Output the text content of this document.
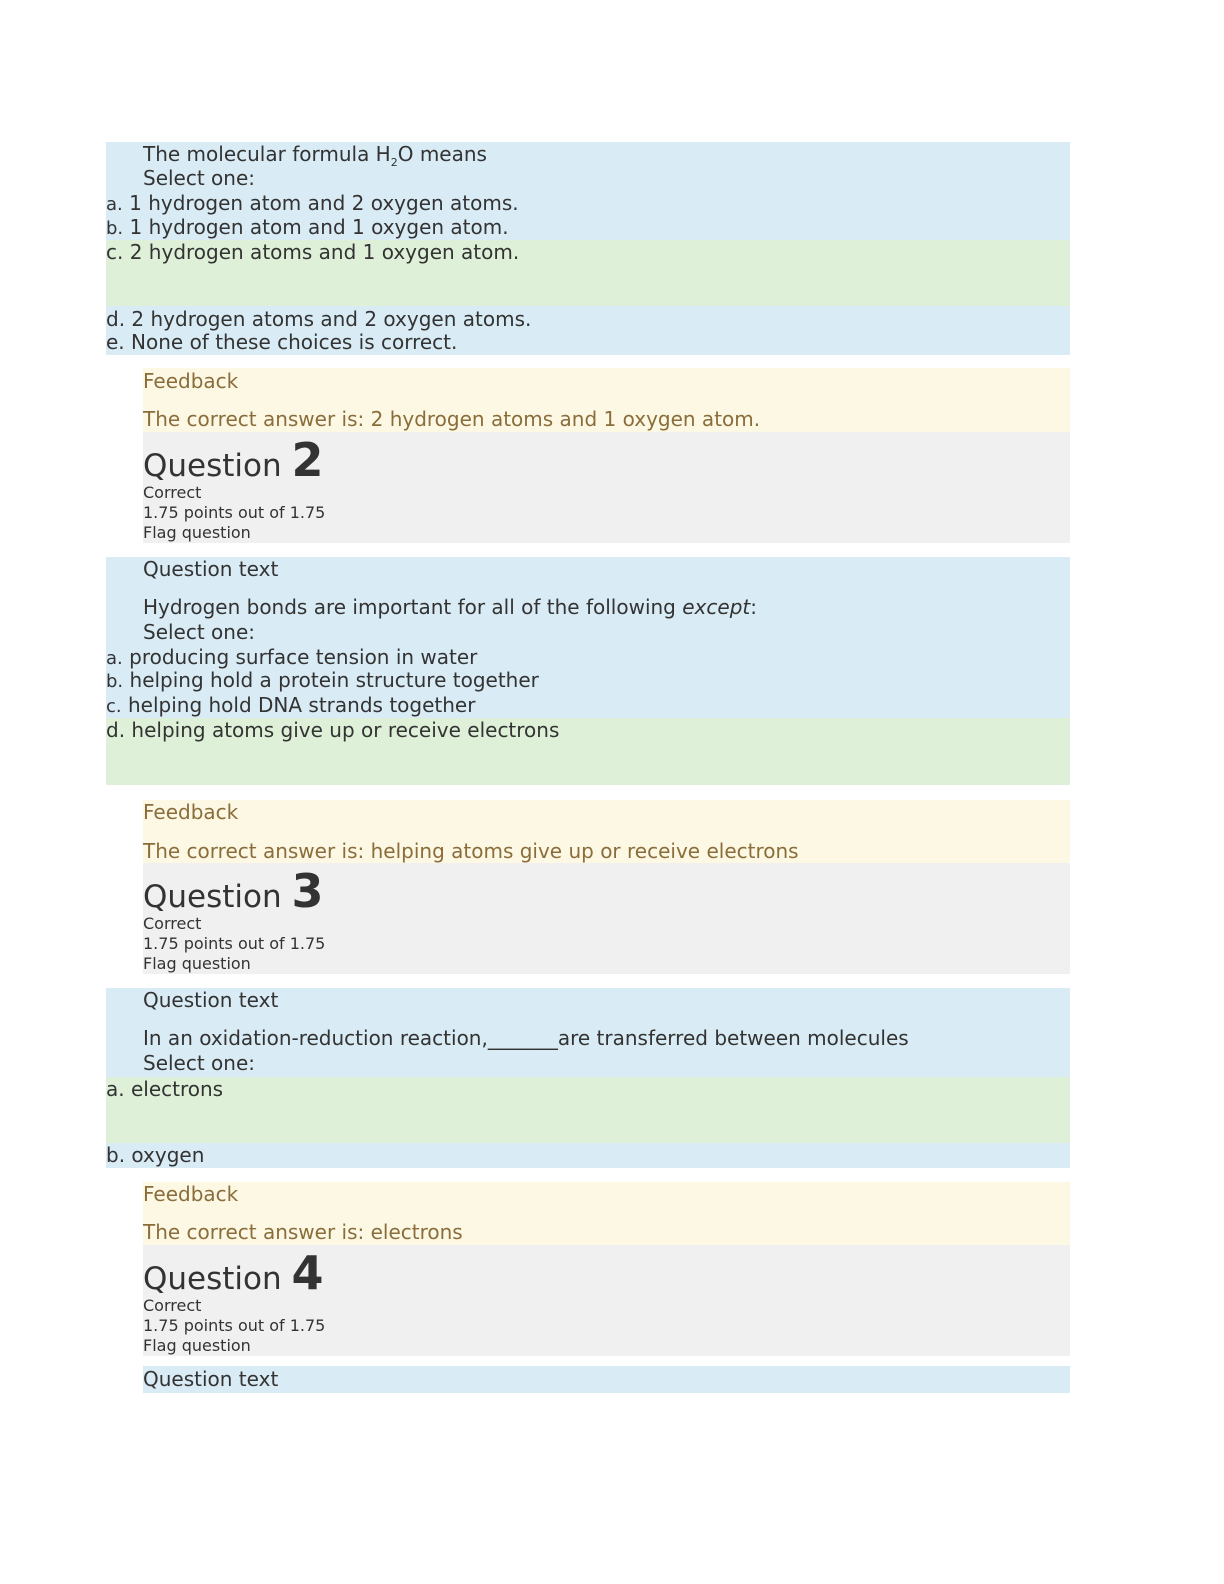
The molecular formula $H_2O$ means
Select one:
a. 1 hydrogen atom and 2 oxygen atoms.
b. 1 hydrogen atom and 1 oxygen atom.
c. 2 hydrogen atoms and 1 oxygen atom.
d. 2 hydrogen atoms and 2 oxygen atoms.
e. None of these choices is correct.
Feedback
The correct answer is: 2 hydrogen atoms and 1 oxygen atom.
Question 2
Correct
1.75 points out of 1.75
Flag question
Question text
Hydrogen bonds are important for all of the following except:
Select one:
a. producing surface tension in water
b. helping hold a protein structure together
c. helping hold DNA strands together
d. helping atoms give up or receive electrons
Feedback
The correct answer is: helping atoms give up or receive electrons
Question 3
Correct
1.75 points out of 1.75
Flag question
Question text
In an oxidation-reduction reaction,_______are transferred between molecules
Select one:
a. electrons
b. oxygen
Feedback
The correct answer is: electrons
Question 4
Correct
1.75 points out of 1.75
Flag question
Question text
